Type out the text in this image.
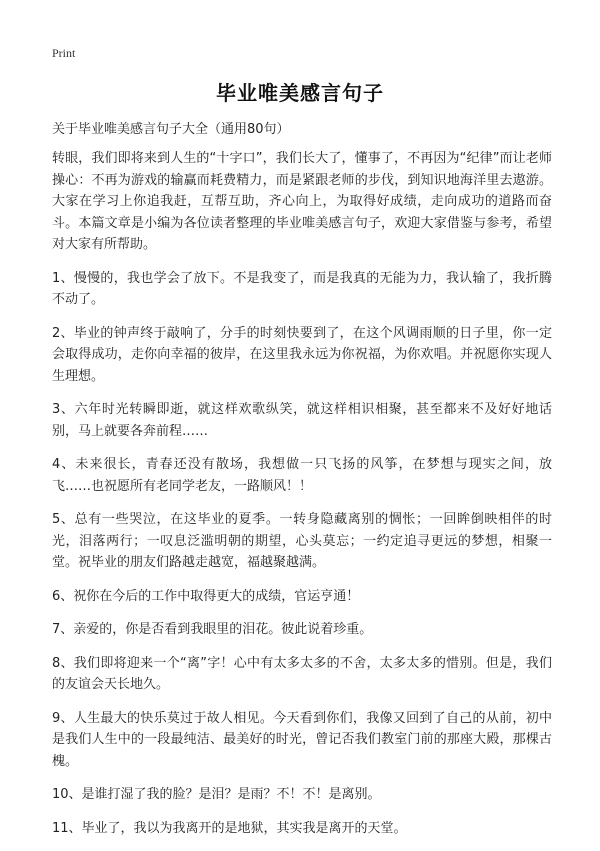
Print
毕业唯美感言句子
关于毕业唯美感言句子大全（通用80句）

转眼，我们即将来到人生的“十字口”，我们长大了，懂事了，不再因为“纪律”而让老师操心：不再为游戏的输赢而耗费精力，而是紧跟老师的步伐，到知识地海洋里去遨游。大家在学习上你追我赶，互帮互助，齐心向上，为取得好成绩，走向成功的道路而奋斗。本篇文章是小编为各位读者整理的毕业唯美感言句子，欢迎大家借鉴与参考，希望对大家有所帮助。

1、慢慢的，我也学会了放下。不是我变了，而是我真的无能为力，我认输了，我折腾不动了。

2、毕业的钟声终于敲响了，分手的时刻快要到了，在这个风调雨顺的日子里，你一定会取得成功，走你向幸福的彼岸，在这里我永远为你祝福，为你欢唱。并祝愿你实现人生理想。

3、六年时光转瞬即逝，就这样欢歌纵笑，就这样相识相聚，甚至都来不及好好地话别，马上就要各奔前程……

4、未来很长，青春还没有散场，我想做一只飞扬的风筝，在梦想与现实之间，放飞……也祝愿所有老同学老友，一路顺风！！

5、总有一些哭泣，在这毕业的夏季。一转身隐藏离别的惆怅；一回眸倒映相伴的时光，泪落两行；一叹息泛滥明朝的期望，心头莫忘；一约定追寻更远的梦想，相聚一堂。祝毕业的朋友们路越走越宽，福越聚越满。

6、祝你在今后的工作中取得更大的成绩，官运亨通！

7、亲爱的，你是否看到我眼里的泪花。彼此说着珍重。

8、我们即将迎来一个“离”字！心中有太多太多的不舍，太多太多的惜别。但是，我们的友谊会天长地久。

9、人生最大的快乐莫过于故人相见。今天看到你们，我像又回到了自己的从前，初中是我们人生中的一段最纯洁、最美好的时光，曾记否我们教室门前的那座大殿，那棵古槐。

10、是谁打湿了我的脸？是泪？是雨？不！不！是离别。

11、毕业了，我以为我离开的是地狱，其实我是离开的天堂。
